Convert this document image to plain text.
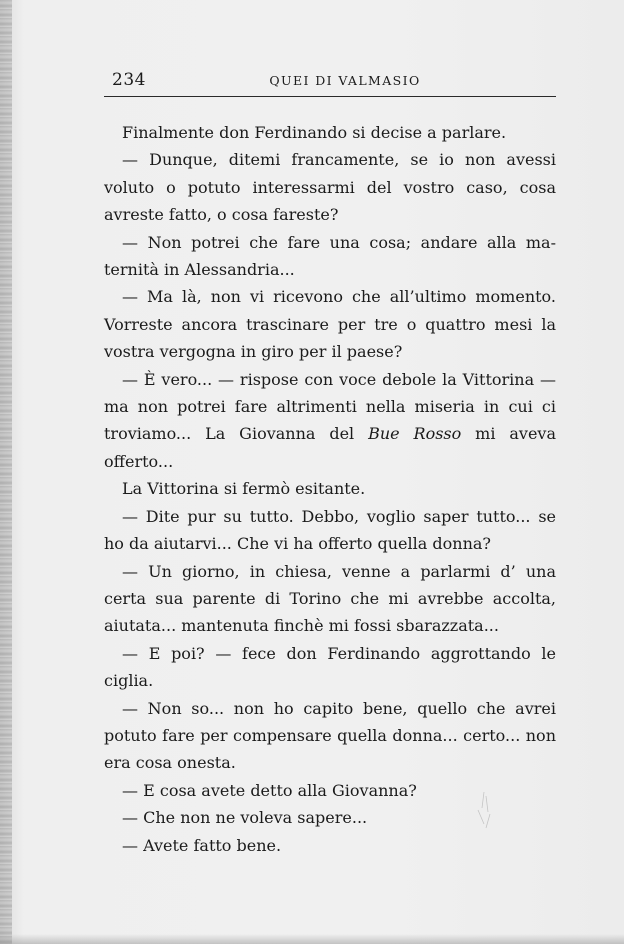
234	QUEI DI VALMASIO

Finalmente don Ferdinando si decise a parlare.

— Dunque, ditemi francamente, se io non avessi voluto o potuto interessarmi del vostro caso, cosa avreste fatto, o cosa fareste?

— Non potrei che fare una cosa; andare alla maternità in Alessandria...

— Ma là, non vi ricevono che all’ultimo momento. Vorreste ancora trascinare per tre o quattro mesi la vostra vergogna in giro per il paese?

— È vero... — rispose con voce debole la Vittorina — ma non potrei fare altrimenti nella miseria in cui ci troviamo... La Giovanna del Bue Rosso mi aveva offerto...

La Vittorina si fermò esitante.

— Dite pur su tutto. Debbo, voglio saper tutto... se ho da aiutarvi... Che vi ha offerto quella donna?

— Un giorno, in chiesa, venne a parlarmi d’ una certa sua parente di Torino che mi avrebbe accolta, aiutata... mantenuta finchè mi fossi sbarazzata...

— E poi? — fece don Ferdinando aggrottando le ciglia.

— Non so... non ho capito bene, quello che avrei potuto fare per compensare quella donna... certo... non era cosa onesta.

— E cosa avete detto alla Giovanna?

— Che non ne voleva sapere...

— Avete fatto bene.
